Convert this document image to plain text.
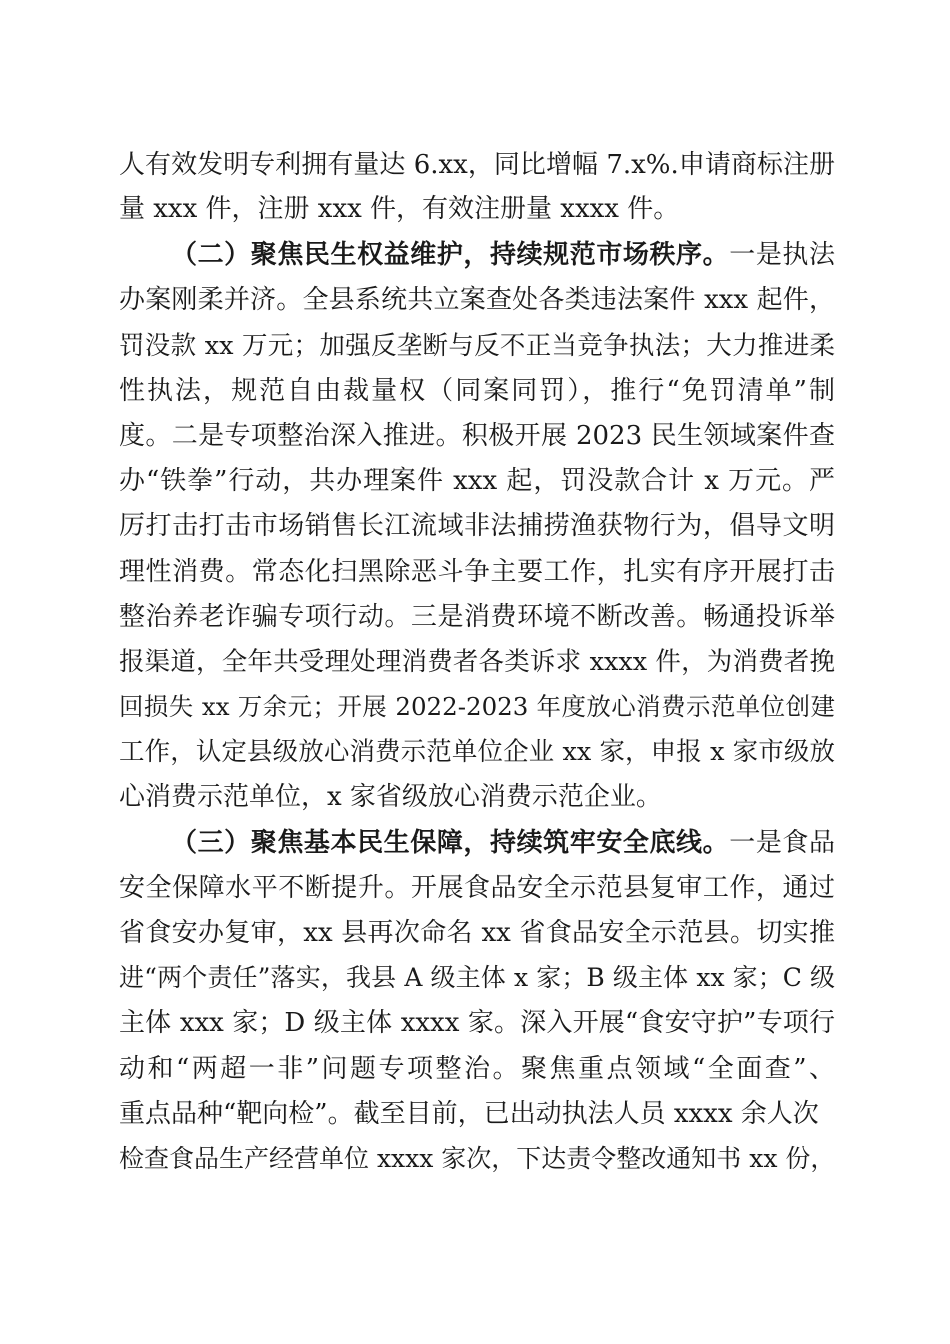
人有效发明专利拥有量达 6.xx，同比增幅 7.x%.申请商标注册

量 xxx 件，注册 xxx 件，有效注册量 xxxx 件。

（二）聚焦民生权益维护，持续规范市场秩序。一是执法

办案刚柔并济。全县系统共立案查处各类违法案件 xxx 起件，

罚没款 xx 万元；加强反垄断与反不正当竞争执法；大力推进柔

性执法，规范自由裁量权（同案同罚），推行“免罚清单”制

度。二是专项整治深入推进。积极开展 2023 民生领域案件查

办“铁拳”行动，共办理案件 xxx 起，罚没款合计 x 万元。严

厉打击打击市场销售长江流域非法捕捞渔获物行为，倡导文明

理性消费。常态化扫黑除恶斗争主要工作，扎实有序开展打击

整治养老诈骗专项行动。三是消费环境不断改善。畅通投诉举

报渠道，全年共受理处理消费者各类诉求 xxxx 件，为消费者挽

回损失 xx 万余元；开展 2022-2023 年度放心消费示范单位创建

工作，认定县级放心消费示范单位企业 xx 家，申报 x 家市级放

心消费示范单位，x 家省级放心消费示范企业。

（三）聚焦基本民生保障，持续筑牢安全底线。一是食品

安全保障水平不断提升。开展食品安全示范县复审工作，通过

省食安办复审，xx 县再次命名 xx 省食品安全示范县。切实推

进“两个责任”落实，我县 A 级主体 x 家；B 级主体 xx 家；C 级

主体 xxx 家；D 级主体 xxxx 家。深入开展“食安守护”专项行

动和“两超一非”问题专项整治。聚焦重点领域“全面查”、

重点品种“靶向检”。截至目前，已出动执法人员 xxxx 余人次

检查食品生产经营单位 xxxx 家次，下达责令整改通知书 xx 份，
